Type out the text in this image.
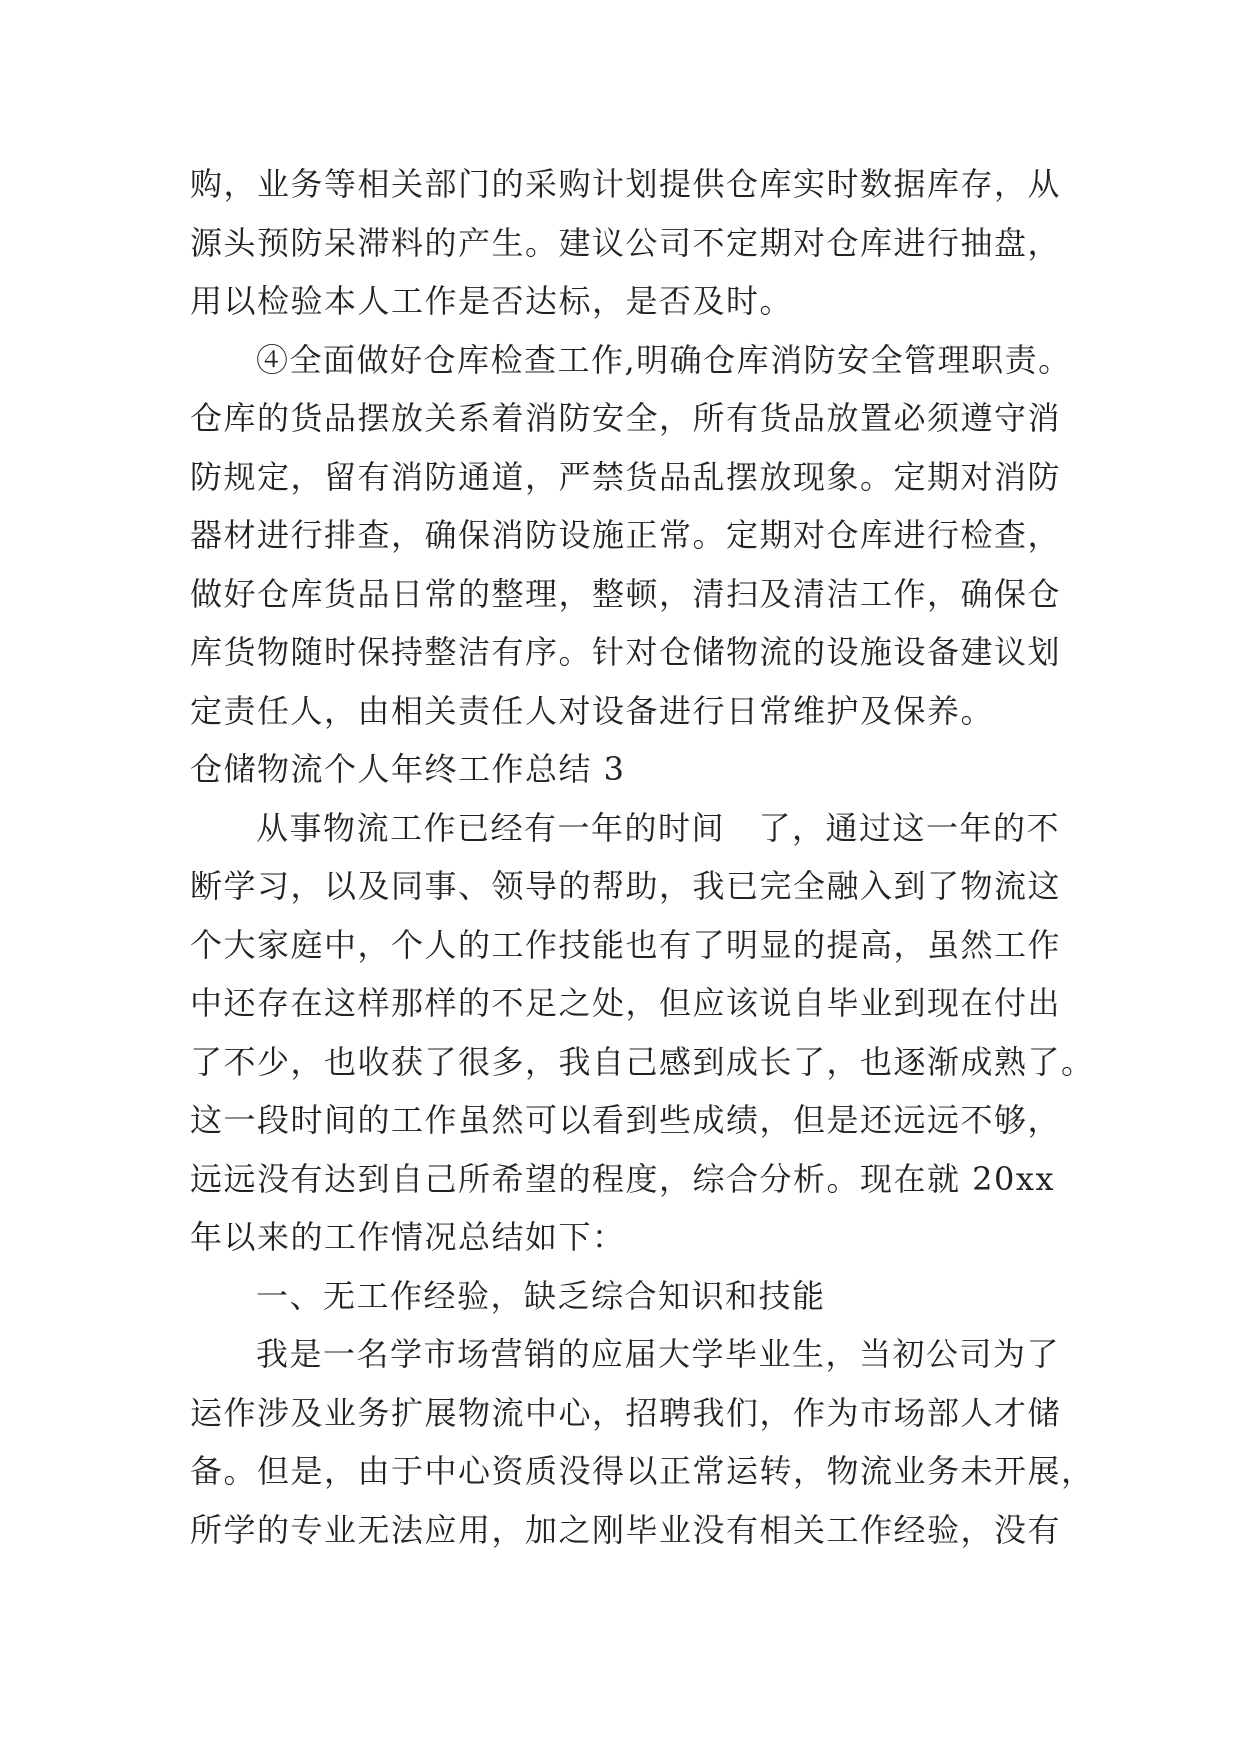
购，业务等相关部门的采购计划提供仓库实时数据库存，从
源头预防呆滞料的产生。建议公司不定期对仓库进行抽盘，
用以检验本人工作是否达标，是否及时。
④全面做好仓库检查工作,明确仓库消防安全管理职责。
仓库的货品摆放关系着消防安全，所有货品放置必须遵守消
防规定，留有消防通道，严禁货品乱摆放现象。定期对消防
器材进行排查，确保消防设施正常。定期对仓库进行检查，
做好仓库货品日常的整理，整顿，清扫及清洁工作，确保仓
库货物随时保持整洁有序。针对仓储物流的设施设备建议划
定责任人，由相关责任人对设备进行日常维护及保养。
仓储物流个人年终工作总结 3
从事物流工作已经有一年的时间　了，通过这一年的不
断学习，以及同事、领导的帮助，我已完全融入到了物流这
个大家庭中，个人的工作技能也有了明显的提高，虽然工作
中还存在这样那样的不足之处，但应该说自毕业到现在付出
了不少，也收获了很多，我自己感到成长了，也逐渐成熟了。
这一段时间的工作虽然可以看到些成绩，但是还远远不够，
远远没有达到自己所希望的程度，综合分析。现在就 20xx
年以来的工作情况总结如下：
一、无工作经验，缺乏综合知识和技能
我是一名学市场营销的应届大学毕业生，当初公司为了
运作涉及业务扩展物流中心，招聘我们，作为市场部人才储
备。但是，由于中心资质没得以正常运转，物流业务未开展，
所学的专业无法应用，加之刚毕业没有相关工作经验，没有
